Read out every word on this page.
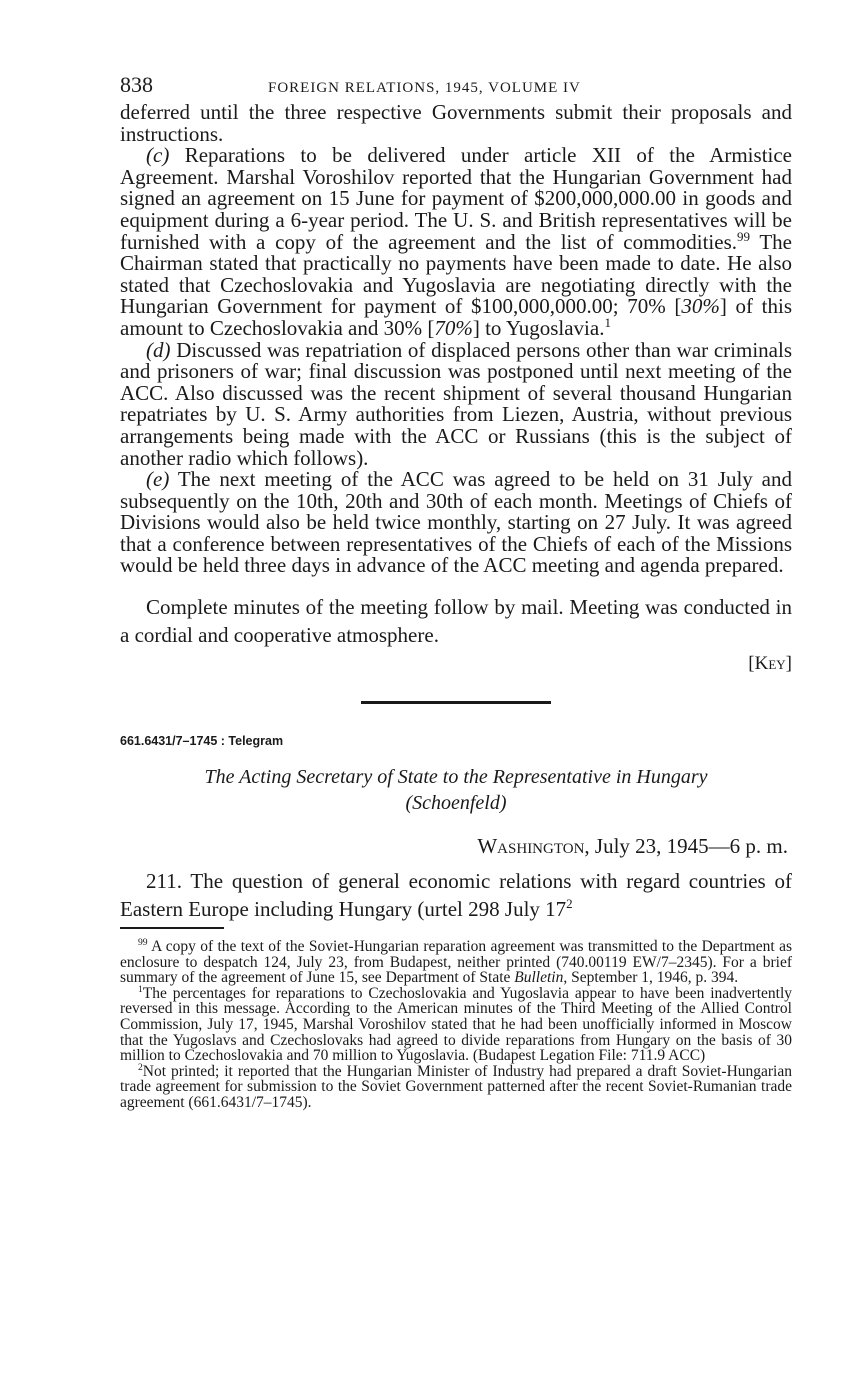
838	FOREIGN RELATIONS, 1945, VOLUME IV

deferred until the three respective Governments submit their proposals and instructions.

(c) Reparations to be delivered under article XII of the Armistice Agreement. Marshal Voroshilov reported that the Hungarian Government had signed an agreement on 15 June for payment of $200,000,000.00 in goods and equipment during a 6-year period. The U. S. and British representatives will be furnished with a copy of the agreement and the list of commodities.$^{99}$ The Chairman stated that practically no payments have been made to date. He also stated that Czechoslovakia and Yugoslavia are negotiating directly with the Hungarian Government for payment of $100,000,000.00; 70% [30%] of this amount to Czechoslovakia and 30% [70%] to Yugoslavia.$^1$

(d) Discussed was repatriation of displaced persons other than war criminals and prisoners of war; final discussion was postponed until next meeting of the ACC. Also discussed was the recent shipment of several thousand Hungarian repatriates by U. S. Army authorities from Liezen, Austria, without previous arrangements being made with the ACC or Russians (this is the subject of another radio which follows).

(e) The next meeting of the ACC was agreed to be held on 31 July and subsequently on the 10th, 20th and 30th of each month. Meetings of Chiefs of Divisions would also be held twice monthly, starting on 27 July. It was agreed that a conference between representatives of the Chiefs of each of the Missions would be held three days in advance of the ACC meeting and agenda prepared.

Complete minutes of the meeting follow by mail. Meeting was conducted in a cordial and cooperative atmosphere.
[Key]
661.6431/7–1745 : Telegram
The Acting Secretary of State to the Representative in Hungary
(Schoenfeld)
Washington, July 23, 1945—6 p. m.
211. The question of general economic relations with regard countries of Eastern Europe including Hungary (urtel 298 July $17^2$

$^{99}$ A copy of the text of the Soviet-Hungarian reparation agreement was transmitted to the Department as enclosure to despatch 124, July 23, from Budapest, neither printed (740.00119 EW/7–2345). For a brief summary of the agreement of June 15, see Department of State Bulletin, September 1, 1946, p. 394.

$^1$The percentages for reparations to Czechoslovakia and Yugoslavia appear to have been inadvertently reversed in this message. According to the American minutes of the Third Meeting of the Allied Control Commission, July 17, 1945, Marshal Voroshilov stated that he had been unofficially informed in Moscow that the Yugoslavs and Czechoslovaks had agreed to divide reparations from Hungary on the basis of 30 million to Czechoslovakia and 70 million to Yugoslavia. (Budapest Legation File: 711.9 ACC)

$^2$Not printed; it reported that the Hungarian Minister of Industry had prepared a draft Soviet-Hungarian trade agreement for submission to the Soviet Government patterned after the recent Soviet-Rumanian trade agreement (661.6431/7–1745).
